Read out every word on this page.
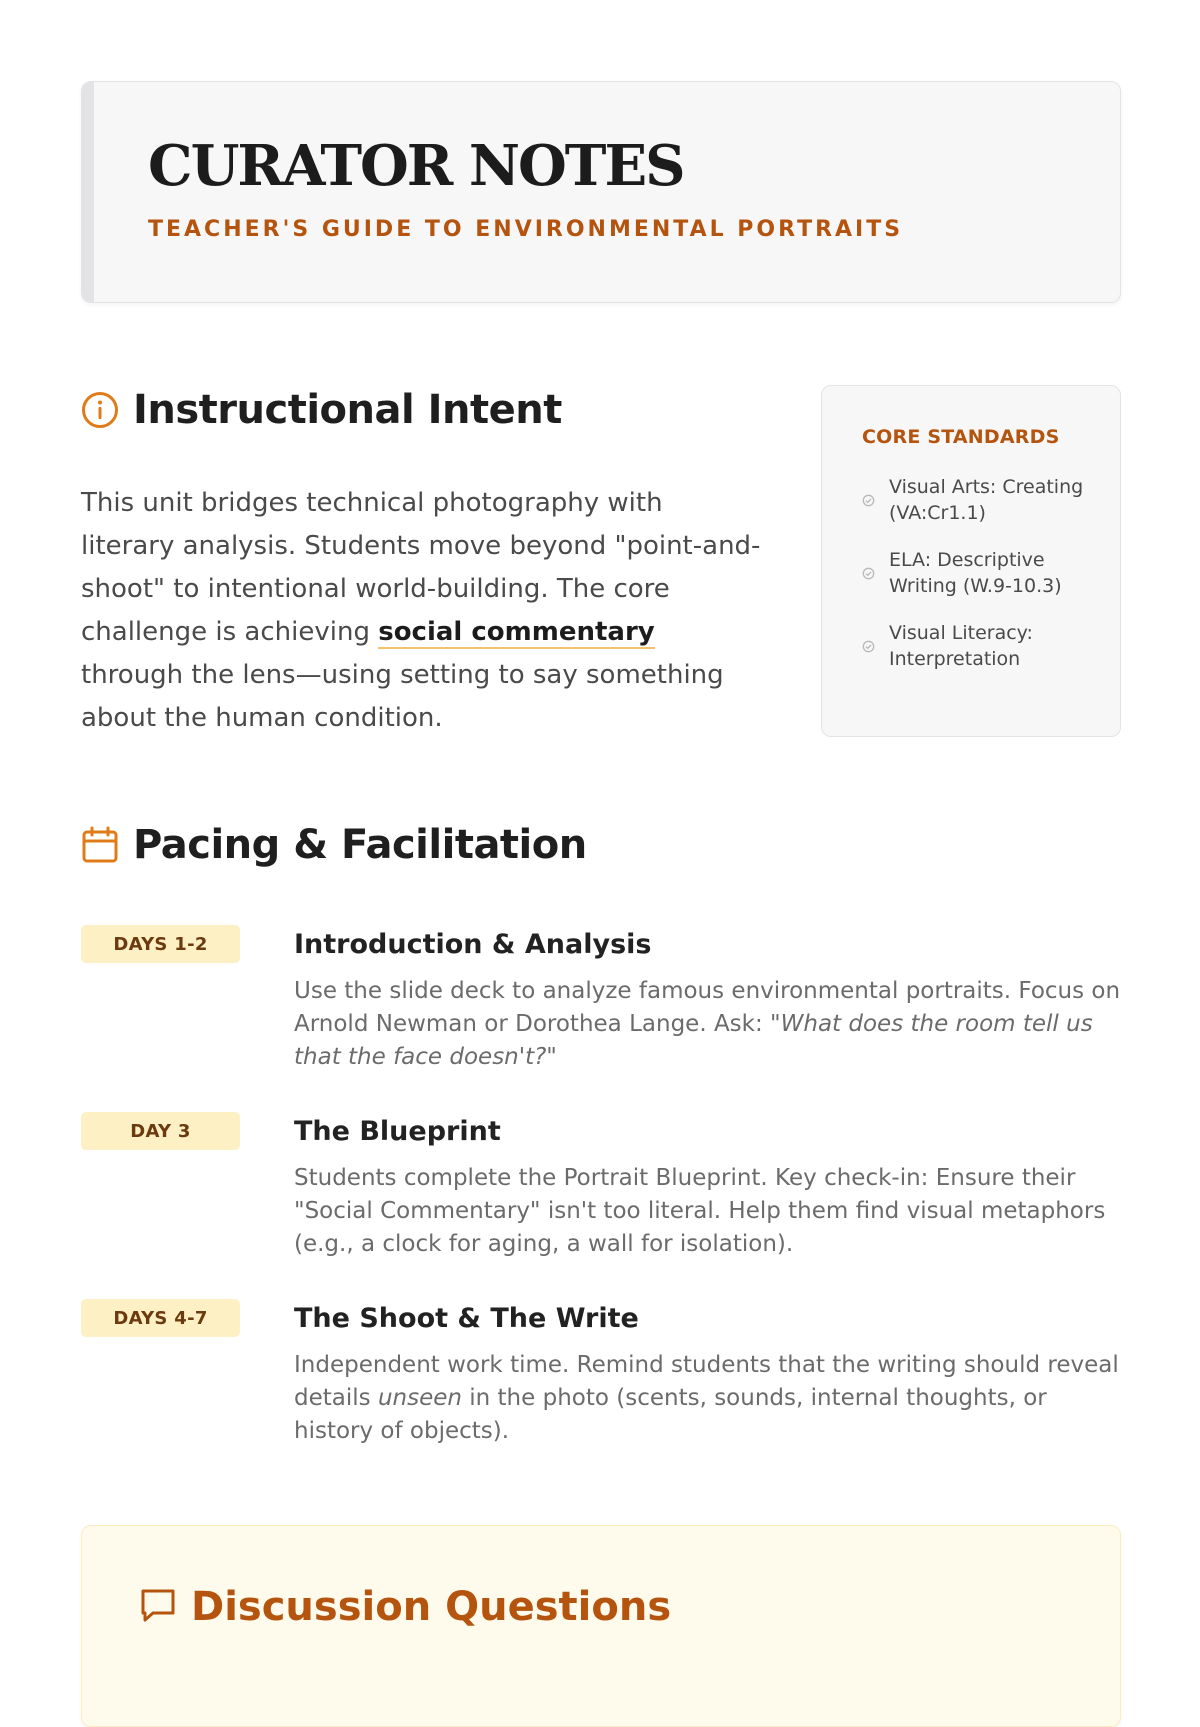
CURATOR NOTES

TEACHER'S GUIDE TO ENVIRONMENTAL PORTRAITS

Instructional Intent

This unit bridges technical photography with literary analysis. Students move beyond "point-and-shoot" to intentional world-building. The core challenge is achieving social commentary through the lens—using setting to say something about the human condition.

CORE STANDARDS
Visual Arts: Creating (VA:Cr1.1)
ELA: Descriptive Writing (W.9-10.3)
Visual Literacy: Interpretation
Pacing & Facilitation
DAYS 1-2	Introduction & Analysis

Use the slide deck to analyze famous environmental portraits. Focus on Arnold Newman or Dorothea Lange. Ask: "What does the room tell us that the face doesn't?"

DAY 3	The Blueprint

Students complete the Portrait Blueprint. Key check-in: Ensure their "Social Commentary" isn't too literal. Help them find visual metaphors (e.g., a clock for aging, a wall for isolation).

DAYS 4-7	The Shoot & The Write

Independent work time. Remind students that the writing should reveal details unseen in the photo (scents, sounds, internal thoughts, or history of objects).

Discussion Questions
